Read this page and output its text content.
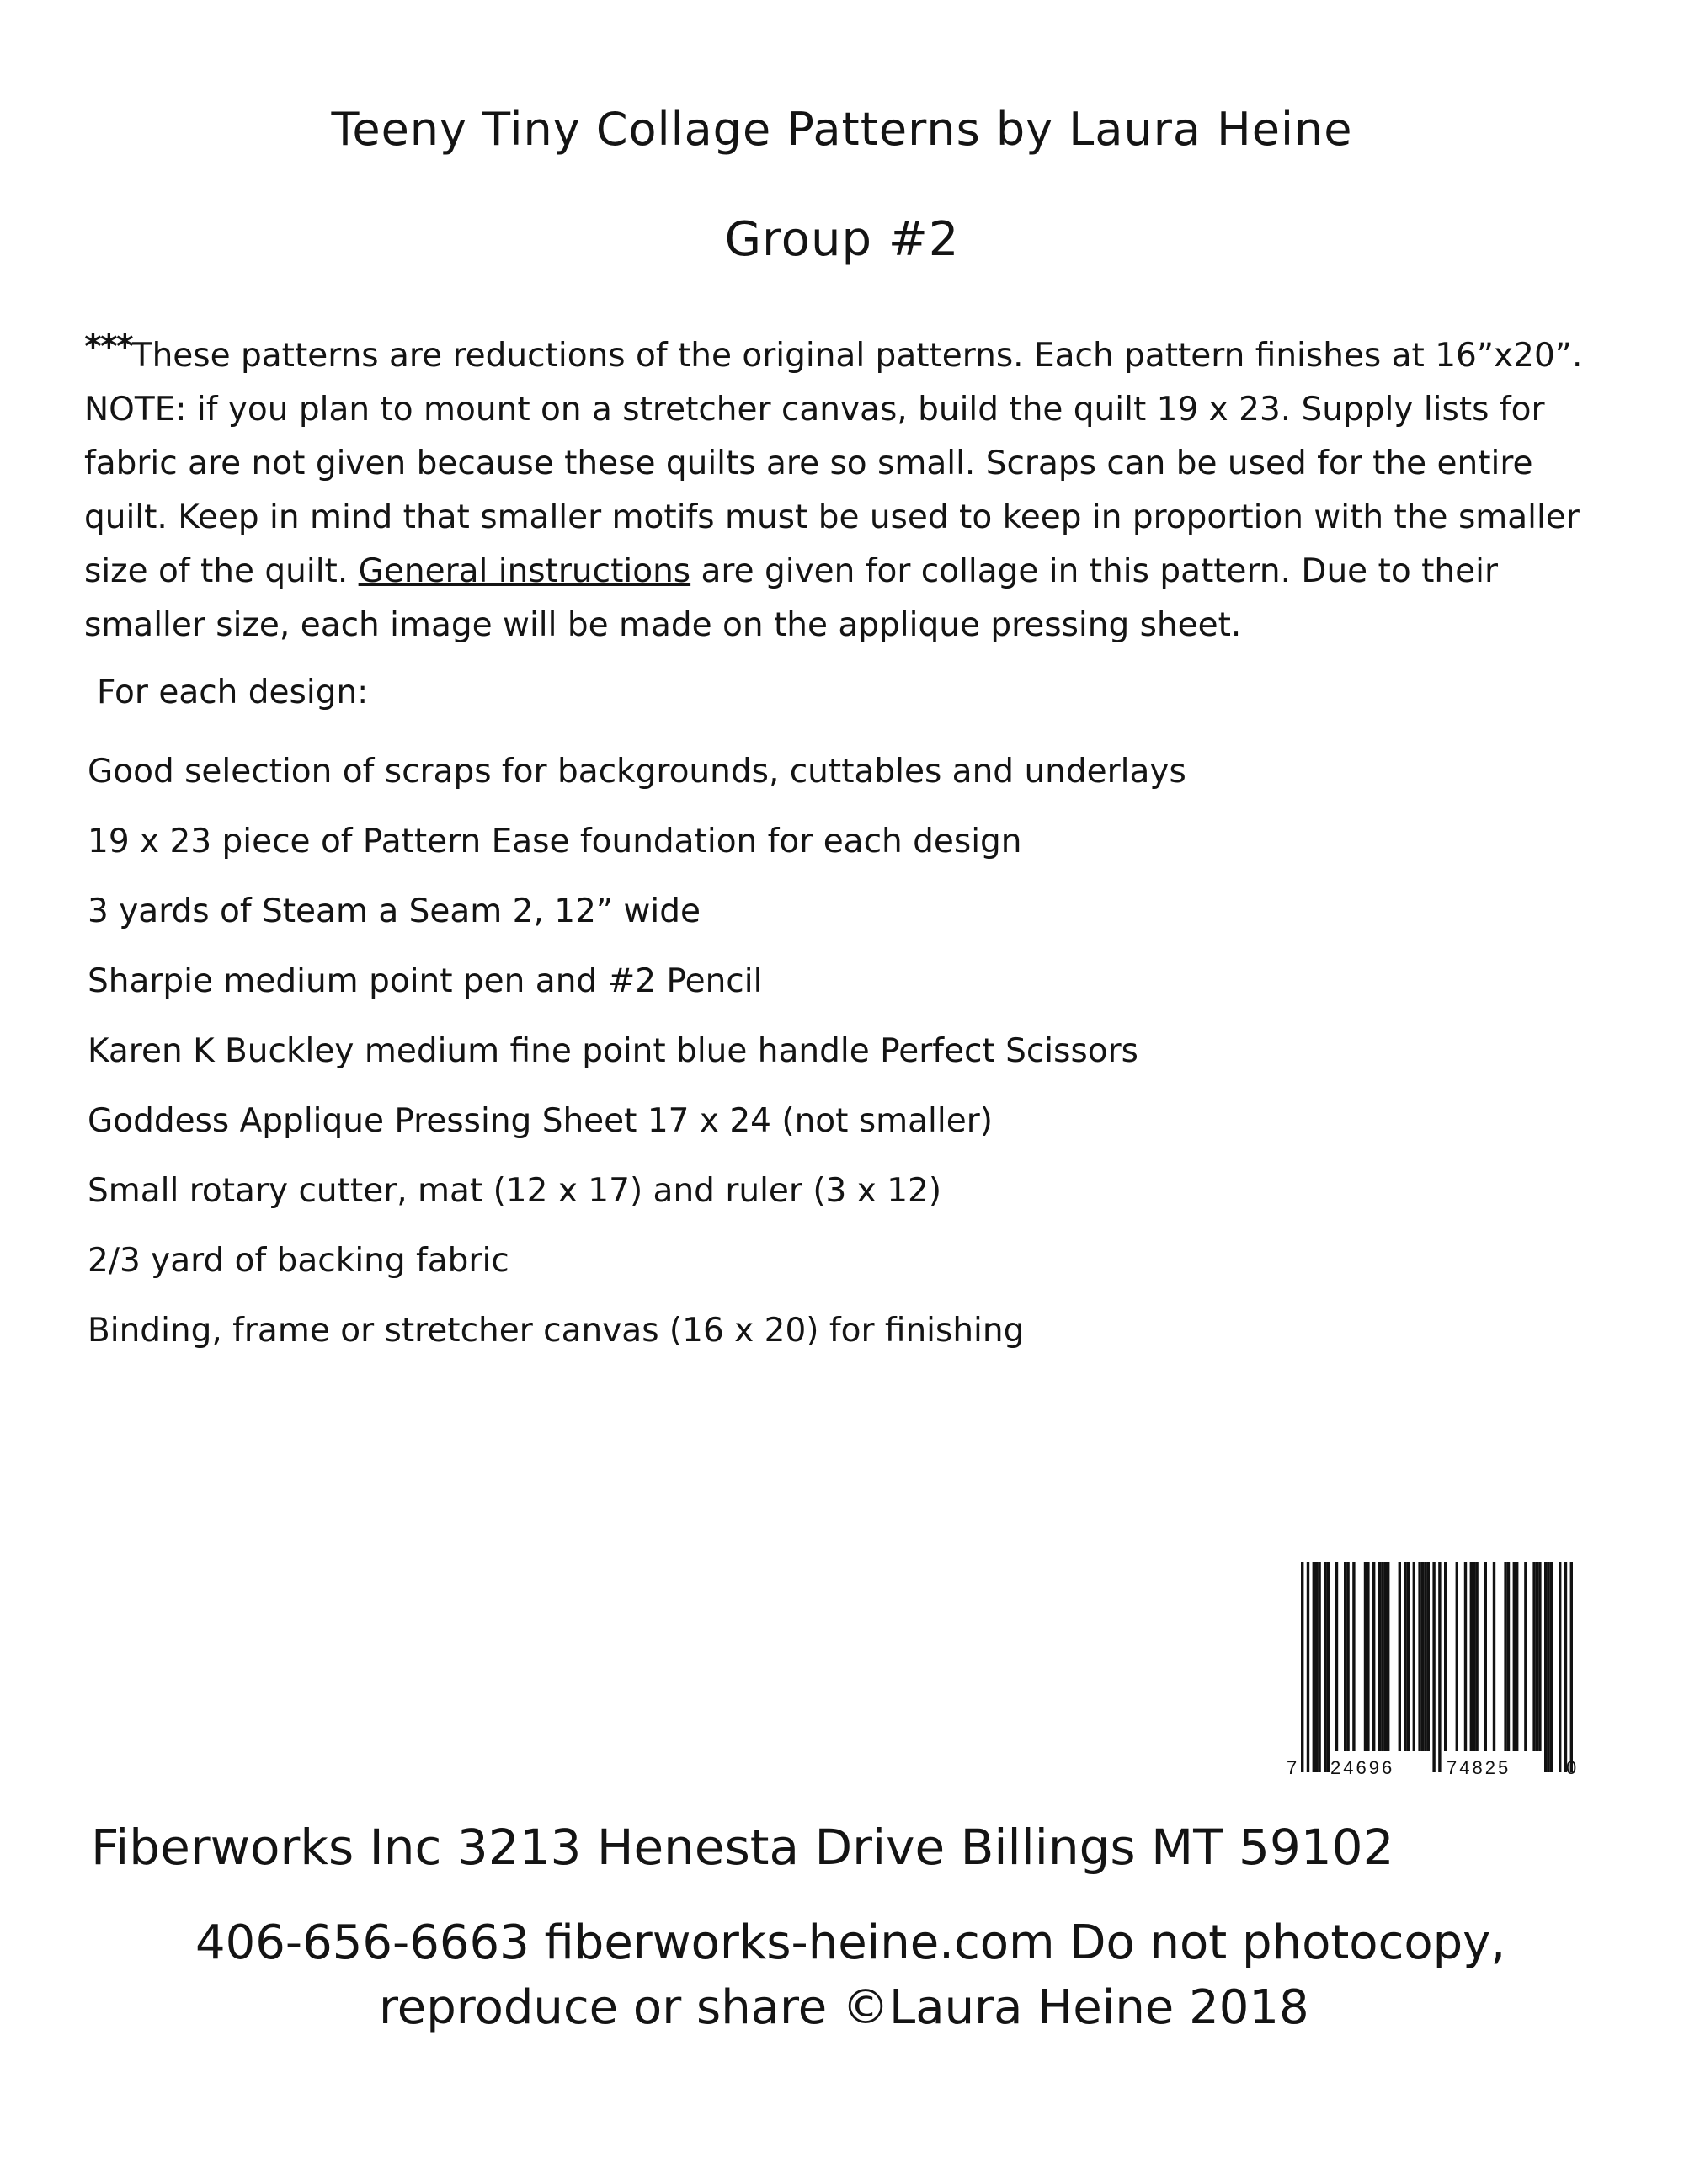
Teeny Tiny Collage Patterns by Laura Heine
Group #2

***These patterns are reductions of the original patterns. Each pattern finishes at 16”x20”. NOTE: if you plan to mount on a stretcher canvas, build the quilt 19 x 23. Supply lists for fabric are not given because these quilts are so small. Scraps can be used for the entire quilt. Keep in mind that smaller motifs must be used to keep in proportion with the smaller size of the quilt. General instructions are given for collage in this pattern. Due to their smaller size, each image will be made on the applique pressing sheet.

For each design:

Good selection of scraps for backgrounds, cuttables and underlays
19 x 23 piece of Pattern Ease foundation for each design
3 yards of Steam a Seam 2, 12” wide
Sharpie medium point pen and #2 Pencil
Karen K Buckley medium fine point blue handle Perfect Scissors
Goddess Applique Pressing Sheet 17 x 24 (not smaller)
Small rotary cutter, mat (12 x 17) and ruler (3 x 12)
2/3 yard of backing fabric
Binding, frame or stretcher canvas (16 x 20) for finishing
7 24696	74825	0

Fiberworks Inc 3213 Henesta Drive Billings MT 59102

406-656-6663 fiberworks-heine.com Do not photocopy,

reproduce or share ©Laura Heine 2018
